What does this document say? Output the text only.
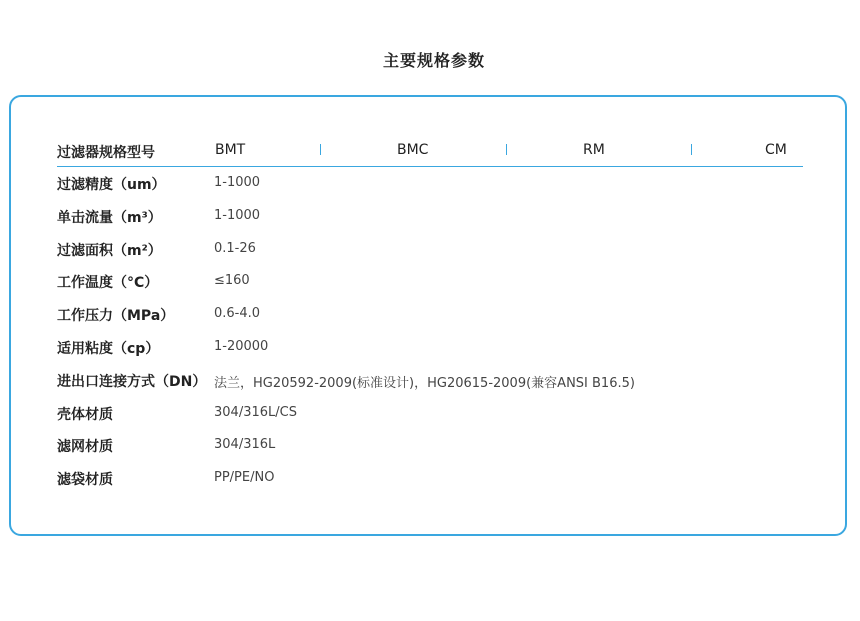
主要规格参数
过滤器规格型号	BMT	BMC	RM	CM
过滤精度（um）	1-1000
单击流量（m³）	1-1000
过滤面积（m²）	0.1-26
工作温度（°C）	≤160
工作压力（MPa）	0.6-4.0
适用粘度（cp）	1-20000
进出口连接方式（DN） 法兰，HG20592-2009(标准设计)，HG20615-2009(兼容ANSI B16.5)
壳体材质	304/316L/CS
滤网材质	304/316L
滤袋材质	PP/PE/NO
